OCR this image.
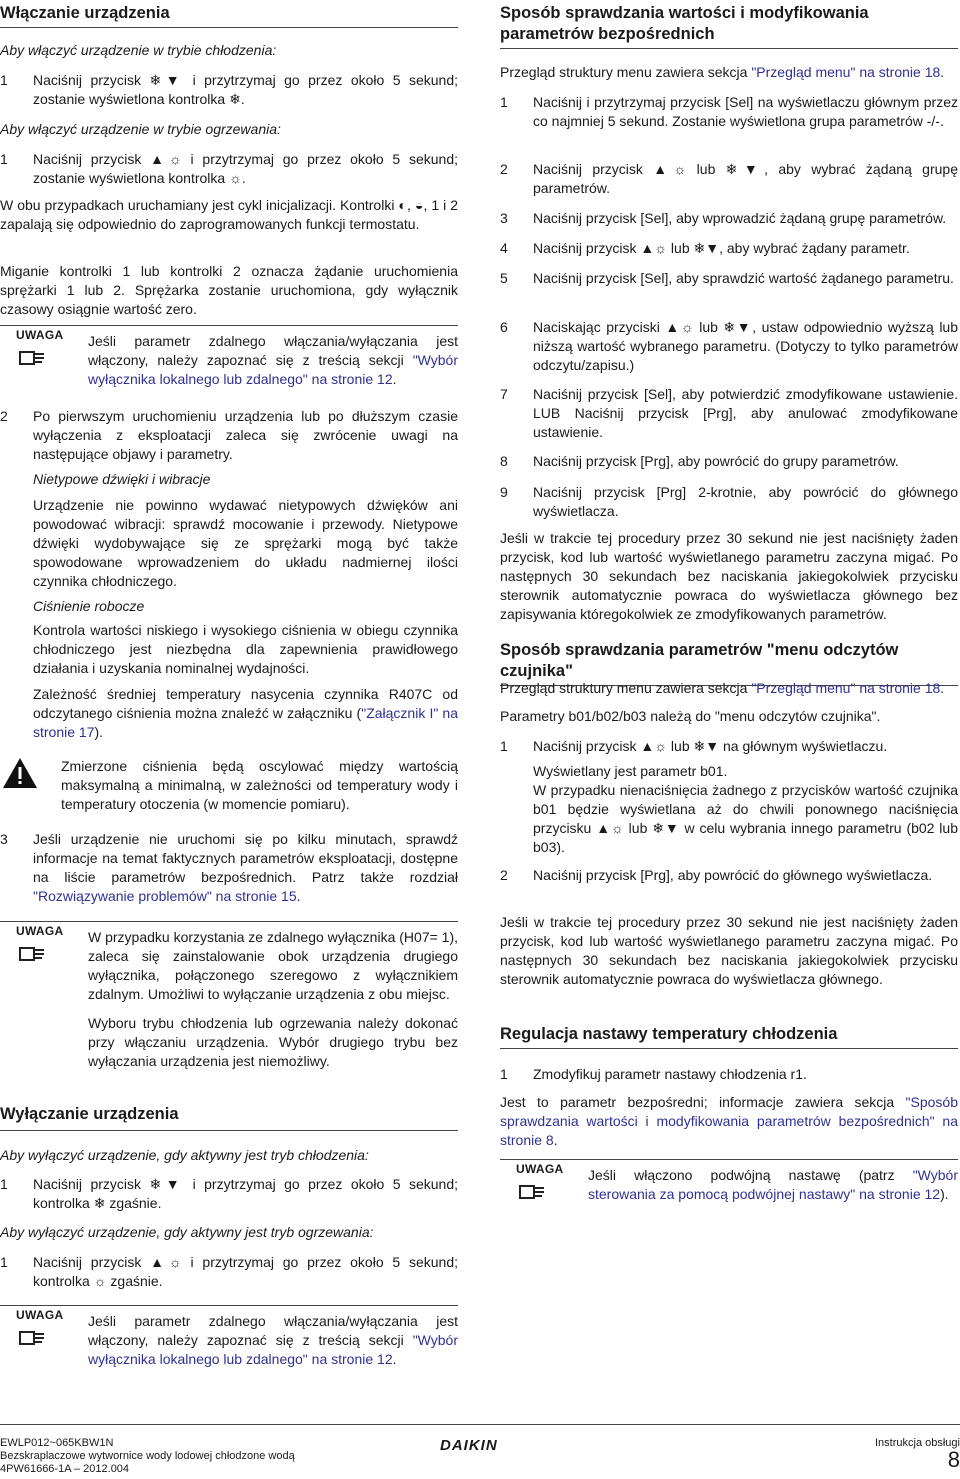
Włączanie urządzenia

Aby włączyć urządzenie w trybie chłodzenia:

1	Naciśnij przycisk ❄▼ i przytrzymaj go przez około 5 sekund; zostanie wyświetlona kontrolka ❄.

Aby włączyć urządzenie w trybie ogrzewania:

1	Naciśnij przycisk ▲☼ i przytrzymaj go przez około 5 sekund; zostanie wyświetlona kontrolka ☼.

W obu przypadkach uruchamiany jest cykl inicjalizacji. Kontrolki ◐, ◒, 1 i 2 zapalają się odpowiednio do zaprogramowanych funkcji termostatu.

Miganie kontrolki 1 lub kontrolki 2 oznacza żądanie uruchomienia sprężarki 1 lub 2. Sprężarka zostanie uruchomiona, gdy wyłącznik czasowy osiągnie wartość zero.

UWAGA Jeśli parametr zdalnego włączania/wyłączania jest włączony, należy zapoznać się z treścią sekcji "Wybór wyłącznika lokalnego lub zdalnego" na stronie 12.
2	Po pierwszym uruchomieniu urządzenia lub po dłuższym czasie wyłączenia z eksploatacji zaleca się zwrócenie uwagi na następujące objawy i parametry.
Nietypowe dźwięki i wibracje
Urządzenie nie powinno wydawać nietypowych dźwięków ani powodować wibracji: sprawdź mocowanie i przewody. Nietypowe dźwięki wydobywające się ze sprężarki mogą być także spowodowane wprowadzeniem do układu nadmiernej ilości czynnika chłodniczego.
Ciśnienie robocze
Kontrola wartości niskiego i wysokiego ciśnienia w obiegu czynnika chłodniczego jest niezbędna dla zapewnienia prawidłowego działania i uzyskania nominalnej wydajności.
Zależność średniej temperatury nasycenia czynnika R407C od odczytanego ciśnienia można znaleźć w załączniku ("Załącznik I" na stronie 17).
Zmierzone ciśnienia będą oscylować między wartością maksymalną a minimalną, w zależności od temperatury wody i temperatury otoczenia (w momencie pomiaru).
3	Jeśli urządzenie nie uruchomi się po kilku minutach, sprawdź informacje na temat faktycznych parametrów eksploatacji, dostępne na liście parametrów bezpośrednich. Patrz także rozdział "Rozwiązywanie problemów" na stronie 15.
UWAGA W przypadku korzystania ze zdalnego wyłącznika (H07= 1), zaleca się zainstalowanie obok urządzenia drugiego wyłącznika, połączonego szeregowo z wyłącznikiem zdalnym. Umożliwi to wyłączanie urządzenia z obu miejsc.
Wyboru trybu chłodzenia lub ogrzewania należy dokonać przy włączaniu urządzenia. Wybór drugiego trybu bez wyłączania urządzenia jest niemożliwy.
Wyłączanie urządzenia

Aby wyłączyć urządzenie, gdy aktywny jest tryb chłodzenia:

1	Naciśnij przycisk ❄▼ i przytrzymaj go przez około 5 sekund; kontrolka ❄ zgaśnie.

Aby wyłączyć urządzenie, gdy aktywny jest tryb ogrzewania:

1	Naciśnij przycisk ▲☼ i przytrzymaj go przez około 5 sekund; kontrolka ☼ zgaśnie.
UWAGA Jeśli parametr zdalnego włączania/wyłączania jest włączony, należy zapoznać się z treścią sekcji "Wybór wyłącznika lokalnego lub zdalnego" na stronie 12.
Sposób sprawdzania wartości i modyfikowania parametrów bezpośrednich

Przegląd struktury menu zawiera sekcja "Przegląd menu" na stronie 18.

1	Naciśnij i przytrzymaj przycisk [Sel] na wyświetlaczu głównym przez co najmniej 5 sekund. Zostanie wyświetlona grupa parametrów -/-.
2	Naciśnij przycisk ▲☼ lub ❄▼, aby wybrać żądaną grupę parametrów.
3	Naciśnij przycisk [Sel], aby wprowadzić żądaną grupę parametrów.
4	Naciśnij przycisk ▲☼ lub ❄▼, aby wybrać żądany parametr.
5	Naciśnij przycisk [Sel], aby sprawdzić wartość żądanego parametru.
6	Naciskając przyciski ▲☼ lub ❄▼, ustaw odpowiednio wyższą lub niższą wartość wybranego parametru. (Dotyczy to tylko parametrów odczytu/zapisu.)
7	Naciśnij przycisk [Sel], aby potwierdzić zmodyfikowane ustawienie. LUB Naciśnij przycisk [Prg], aby anulować zmodyfikowane ustawienie.
8	Naciśnij przycisk [Prg], aby powrócić do grupy parametrów.
9	Naciśnij przycisk [Prg] 2-krotnie, aby powrócić do głównego wyświetlacza.

Jeśli w trakcie tej procedury przez 30 sekund nie jest naciśnięty żaden przycisk, kod lub wartość wyświetlanego parametru zaczyna migać. Po następnych 30 sekundach bez naciskania jakiegokolwiek przycisku sterownik automatycznie powraca do wyświetlacza głównego bez zapisywania któregokolwiek ze zmodyfikowanych parametrów.

Sposób sprawdzania parametrów "menu odczytów czujnika"

Przegląd struktury menu zawiera sekcja "Przegląd menu" na stronie 18.

Parametry b01/b02/b03 należą do "menu odczytów czujnika".

1	Naciśnij przycisk ▲☼ lub ❄▼ na głównym wyświetlaczu.
Wyświetlany jest parametr b01.
W przypadku nienaciśnięcia żadnego z przycisków wartość czujnika b01 będzie wyświetlana aż do chwili ponownego naciśnięcia przycisku ▲☼ lub ❄▼ w celu wybrania innego parametru (b02 lub b03).
2	Naciśnij przycisk [Prg], aby powrócić do głównego wyświetlacza.

Jeśli w trakcie tej procedury przez 30 sekund nie jest naciśnięty żaden przycisk, kod lub wartość wyświetlanego parametru zaczyna migać. Po następnych 30 sekundach bez naciskania jakiegokolwiek przycisku sterownik automatycznie powraca do wyświetlacza głównego.

Regulacja nastawy temperatury chłodzenia
1	Zmodyfikuj parametr nastawy chłodzenia r1.

Jest to parametr bezpośredni; informacje zawiera sekcja "Sposób sprawdzania wartości i modyfikowania parametrów bezpośrednich" na stronie 8.

UWAGA Jeśli włączono podwójną nastawę (patrz "Wybór sterowania za pomocą podwójnej nastawy" na stronie 12).
EWLP012~065KBW1N
Bezskraplaczowe wytwornice wody lodowej chłodzone wodą
4PW61666-1A – 2012.004
DAIKIN	Instrukcja obsługi
8
